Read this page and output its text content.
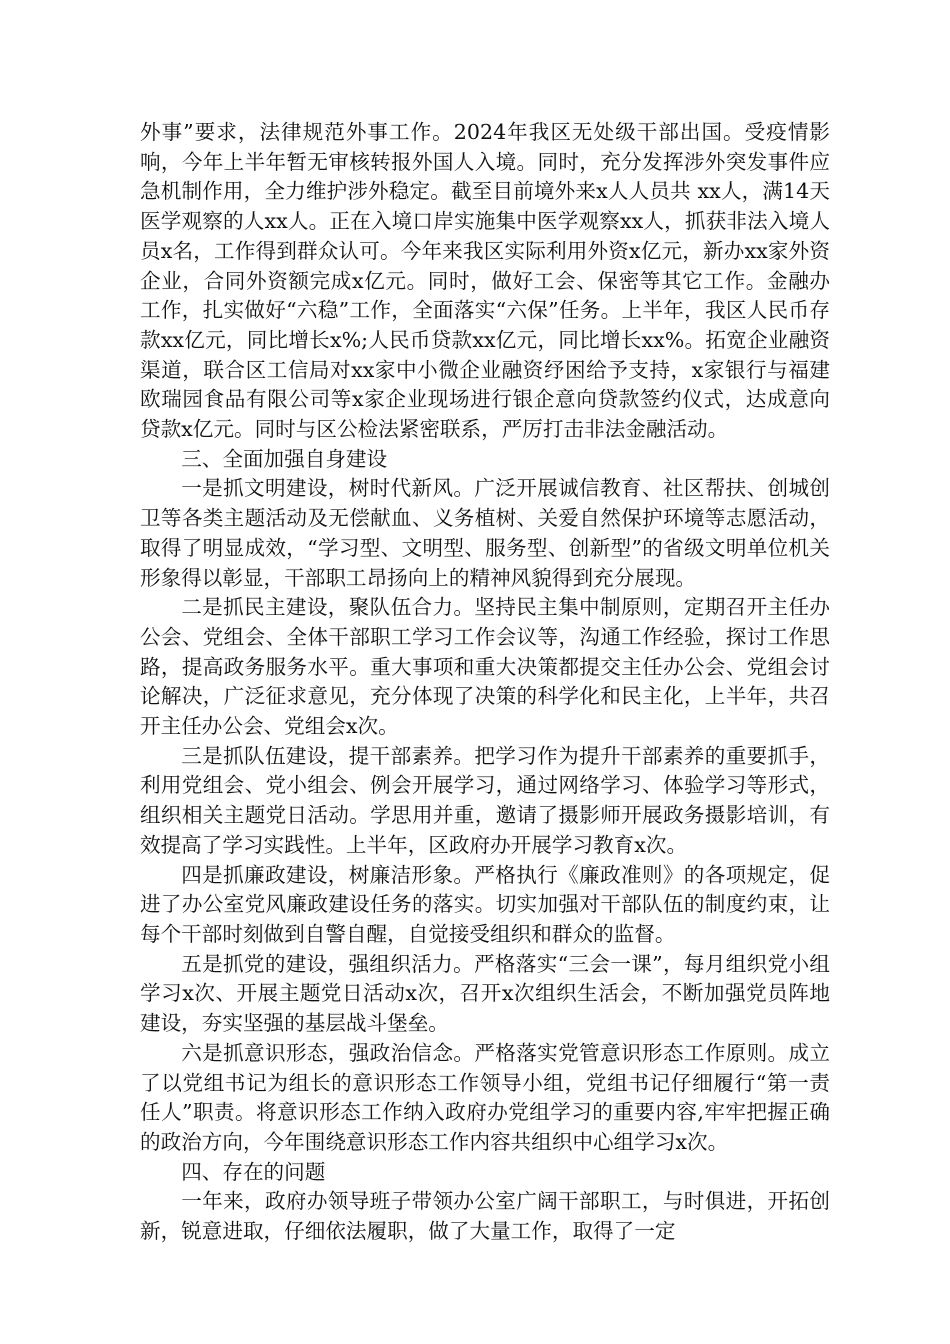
外事”要求，法律规范外事工作。2024年我区无处级干部出国。受疫情影响，今年上半年暂无审核转报外国人入境。同时，充分发挥涉外突发事件应急机制作用，全力维护涉外稳定。截至目前境外来x人人员共 xx人，满14天医学观察的人xx人。正在入境口岸实施集中医学观察xx人，抓获非法入境人员x名，工作得到群众认可。今年来我区实际利用外资x亿元，新办xx家外资企业，合同外资额完成x亿元。同时，做好工会、保密等其它工作。金融办工作，扎实做好“六稳”工作，全面落实“六保”任务。上半年，我区人民币存款xx亿元，同比增长x%;人民币贷款xx亿元，同比增长xx%。拓宽企业融资渠道，联合区工信局对xx家中小微企业融资纾困给予支持，x家银行与福建欧瑞园食品有限公司等x家企业现场进行银企意向贷款签约仪式，达成意向贷款x亿元。同时与区公检法紧密联系，严厉打击非法金融活动。

三、全面加强自身建设

一是抓文明建设，树时代新风。广泛开展诚信教育、社区帮扶、创城创卫等各类主题活动及无偿献血、义务植树、关爱自然保护环境等志愿活动，取得了明显成效，“学习型、文明型、服务型、创新型”的省级文明单位机关形象得以彰显，干部职工昂扬向上的精神风貌得到充分展现。

二是抓民主建设，聚队伍合力。坚持民主集中制原则，定期召开主任办公会、党组会、全体干部职工学习工作会议等，沟通工作经验，探讨工作思路，提高政务服务水平。重大事项和重大决策都提交主任办公会、党组会讨论解决，广泛征求意见，充分体现了决策的科学化和民主化，上半年，共召开主任办公会、党组会x次。

三是抓队伍建设，提干部素养。把学习作为提升干部素养的重要抓手，利用党组会、党小组会、例会开展学习，通过网络学习、体验学习等形式，组织相关主题党日活动。学思用并重，邀请了摄影师开展政务摄影培训，有效提高了学习实践性。上半年，区政府办开展学习教育x次。

四是抓廉政建设，树廉洁形象。严格执行《廉政准则》的各项规定，促进了办公室党风廉政建设任务的落实。切实加强对干部队伍的制度约束，让每个干部时刻做到自警自醒，自觉接受组织和群众的监督。

五是抓党的建设，强组织活力。严格落实“三会一课”，每月组织党小组学习x次、开展主题党日活动x次，召开x次组织生活会，不断加强党员阵地建设，夯实坚强的基层战斗堡垒。

六是抓意识形态，强政治信念。严格落实党管意识形态工作原则。成立了以党组书记为组长的意识形态工作领导小组，党组书记仔细履行“第一责任人”职责。将意识形态工作纳入政府办党组学习的重要内容,牢牢把握正确的政治方向，今年围绕意识形态工作内容共组织中心组学习x次。

四、存在的问题

一年来，政府办领导班子带领办公室广阔干部职工，与时俱进，开拓创新，锐意进取，仔细依法履职，做了大量工作，取得了一定
